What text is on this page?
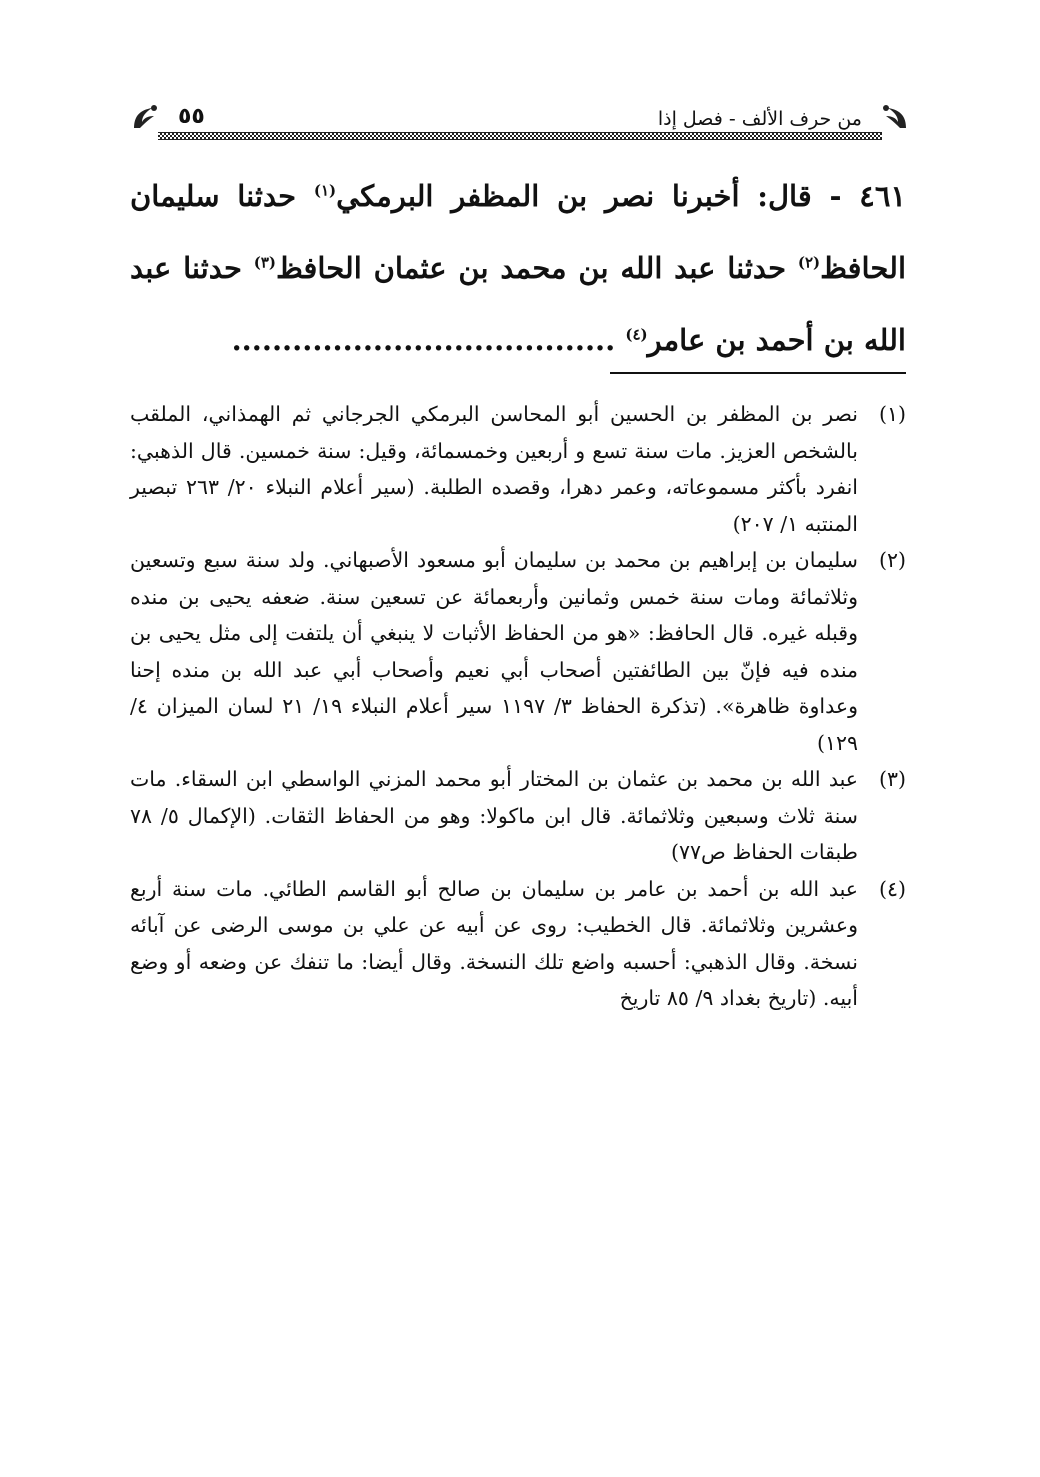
٥٥	من حرف الألف - فصل إذا
٤٦١ - قال: أخبرنا نصر بن المظفر البرمكي$^{(١)}$ حدثنا سليمان الحافظ$^{(٢)}$ حدثنا عبد الله بن محمد بن عثمان الحافظ$^{(٣)}$ حدثنا عبد الله بن أحمد بن عامر$^{(٤)}$ ......................................
(١)
نصر بن المظفر بن الحسين أبو المحاسن البرمكي الجرجاني ثم الهمذاني، الملقب بالشخص العزيز. مات سنة تسع و أربعين وخمسمائة، وقيل: سنة خمسين. قال الذهبي: انفرد بأكثر مسموعاته، وعمر دهرا، وقصده الطلبة. (سير أعلام النبلاء ٢٠/ ٢٦٣ تبصير المنتبه ١/ ٢٠٧)
(٢)
سليمان بن إبراهيم بن محمد بن سليمان أبو مسعود الأصبهاني. ولد سنة سبع وتسعين وثلاثمائة ومات سنة خمس وثمانين وأربعمائة عن تسعين سنة. ضعفه يحيى بن منده وقبله غيره. قال الحافظ: «هو من الحفاظ الأثبات لا ينبغي أن يلتفت إلى مثل يحيى بن منده فيه فإنّ بين الطائفتين أصحاب أبي نعيم وأصحاب أبي عبد الله بن منده إحنا وعداوة ظاهرة». (تذكرة الحفاظ ٣/ ١١٩٧ سير أعلام النبلاء ١٩/ ٢١ لسان الميزان ٤/ ١٢٩)
(٣)
عبد الله بن محمد بن عثمان بن المختار أبو محمد المزني الواسطي ابن السقاء. مات سنة ثلاث وسبعين وثلاثمائة. قال ابن ماكولا: وهو من الحفاظ الثقات. (الإكمال ٥/ ٧٨ طبقات الحفاظ ص٧٧)
(٤)
عبد الله بن أحمد بن عامر بن سليمان بن صالح أبو القاسم الطائي. مات سنة أربع وعشرين وثلاثمائة. قال الخطيب: روى عن أبيه عن علي بن موسى الرضى عن آبائه نسخة. وقال الذهبي: أحسبه واضع تلك النسخة. وقال أيضا: ما تنفك عن وضعه أو وضع أبيه. (تاريخ بغداد ٩/ ٨٥ تاريخ
